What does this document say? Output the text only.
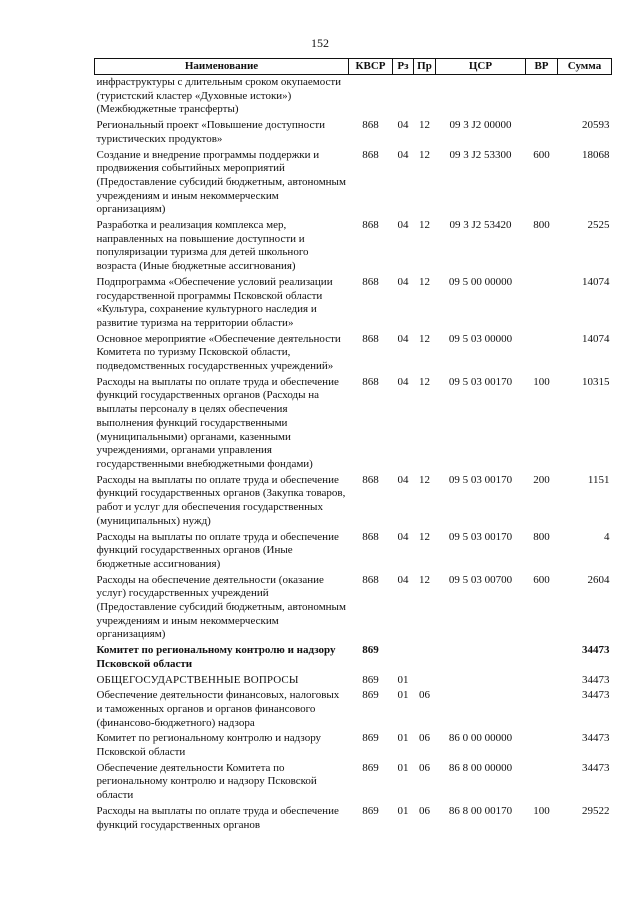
152
Наименование	КВСР	Рз	Пр	ЦСР	ВР	Сумма
инфраструктуры с длительным сроком окупаемости (туристский кластер «Духовные истоки») (Межбюджетные трансферты)						
Региональный проект «Повышение доступности туристических продуктов»	868	04	12	09 3 J2 00000		20593
Создание и внедрение программы поддержки и продвижения событийных мероприятий (Предоставление субсидий бюджетным, автономным учреждениям и иным некоммерческим организациям)	868	04	12	09 3 J2 53300	600	18068
Разработка и реализация комплекса мер, направленных на повышение доступности и популяризации туризма для детей школьного возраста (Иные бюджетные ассигнования)	868	04	12	09 3 J2 53420	800	2525
Подпрограмма «Обеспечение условий реализации государственной программы Псковской области «Культура, сохранение культурного наследия и развитие туризма на территории области»	868	04	12	09 5 00 00000		14074
Основное мероприятие «Обеспечение деятельности Комитета по туризму Псковской области, подведомственных государственных учреждений»	868	04	12	09 5 03 00000		14074
Расходы на выплаты по оплате труда и обеспечение функций государственных органов (Расходы на выплаты персоналу в целях обеспечения выполнения функций государственными (муниципальными) органами, казенными учреждениями, органами управления государственными внебюджетными фондами)	868	04	12	09 5 03 00170	100	10315
Расходы на выплаты по оплате труда и обеспечение функций государственных органов (Закупка товаров, работ и услуг для обеспечения государственных (муниципальных) нужд)	868	04	12	09 5 03 00170	200	1151
Расходы на выплаты по оплате труда и обеспечение функций государственных органов (Иные бюджетные ассигнования)	868	04	12	09 5 03 00170	800	4
Расходы на обеспечение деятельности (оказание услуг) государственных учреждений (Предоставление субсидий бюджетным, автономным учреждениям и иным некоммерческим организациям)	868	04	12	09 5 03 00700	600	2604
Комитет по региональному контролю и надзору Псковской области	869					34473
ОБЩЕГОСУДАРСТВЕННЫЕ ВОПРОСЫ	869	01				34473
Обеспечение деятельности финансовых, налоговых и таможенных органов и органов финансового (финансово-бюджетного) надзора	869	01	06			34473
Комитет по региональному контролю и надзору Псковской области	869	01	06	86 0 00 00000		34473
Обеспечение деятельности Комитета по региональному контролю и надзору Псковской области	869	01	06	86 8 00 00000		34473
Расходы на выплаты по оплате труда и обеспечение функций государственных органов	869	01	06	86 8 00 00170	100	29522
